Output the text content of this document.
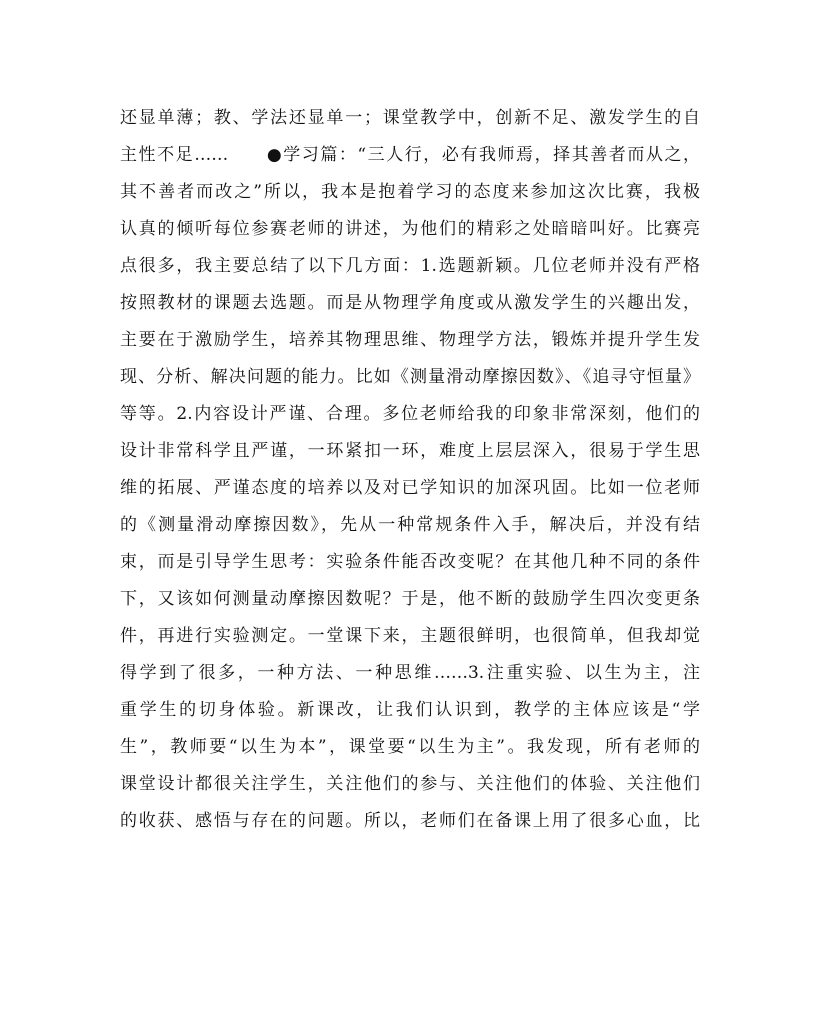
还显单薄；教、学法还显单一；课堂教学中，创新不足、激发学生的自
主性不足……　　●学习篇：“三人行，必有我师焉，择其善者而从之，
其不善者而改之”所以，我本是抱着学习的态度来参加这次比赛，我极
认真的倾听每位参赛老师的讲述，为他们的精彩之处暗暗叫好。比赛亮
点很多，我主要总结了以下几方面：1.选题新颖。几位老师并没有严格
按照教材的课题去选题。而是从物理学角度或从激发学生的兴趣出发，
主要在于激励学生，培养其物理思维、物理学方法，锻炼并提升学生发
现、分析、解决问题的能力。比如《测量滑动摩擦因数》、《追寻守恒量》
等等。2.内容设计严谨、合理。多位老师给我的印象非常深刻，他们的
设计非常科学且严谨，一环紧扣一环，难度上层层深入，很易于学生思
维的拓展、严谨态度的培养以及对已学知识的加深巩固。比如一位老师
的《测量滑动摩擦因数》，先从一种常规条件入手，解决后，并没有结
束，而是引导学生思考：实验条件能否改变呢？在其他几种不同的条件
下，又该如何测量动摩擦因数呢？于是，他不断的鼓励学生四次变更条
件，再进行实验测定。一堂课下来，主题很鲜明，也很简单，但我却觉
得学到了很多，一种方法、一种思维……3.注重实验、以生为主，注
重学生的切身体验。新课改，让我们认识到，教学的主体应该是“学
生”，教师要“以生为本”，课堂要“以生为主”。我发现，所有老师的
课堂设计都很关注学生，关注他们的参与、关注他们的体验、关注他们
的收获、感悟与存在的问题。所以，老师们在备课上用了很多心血，比
